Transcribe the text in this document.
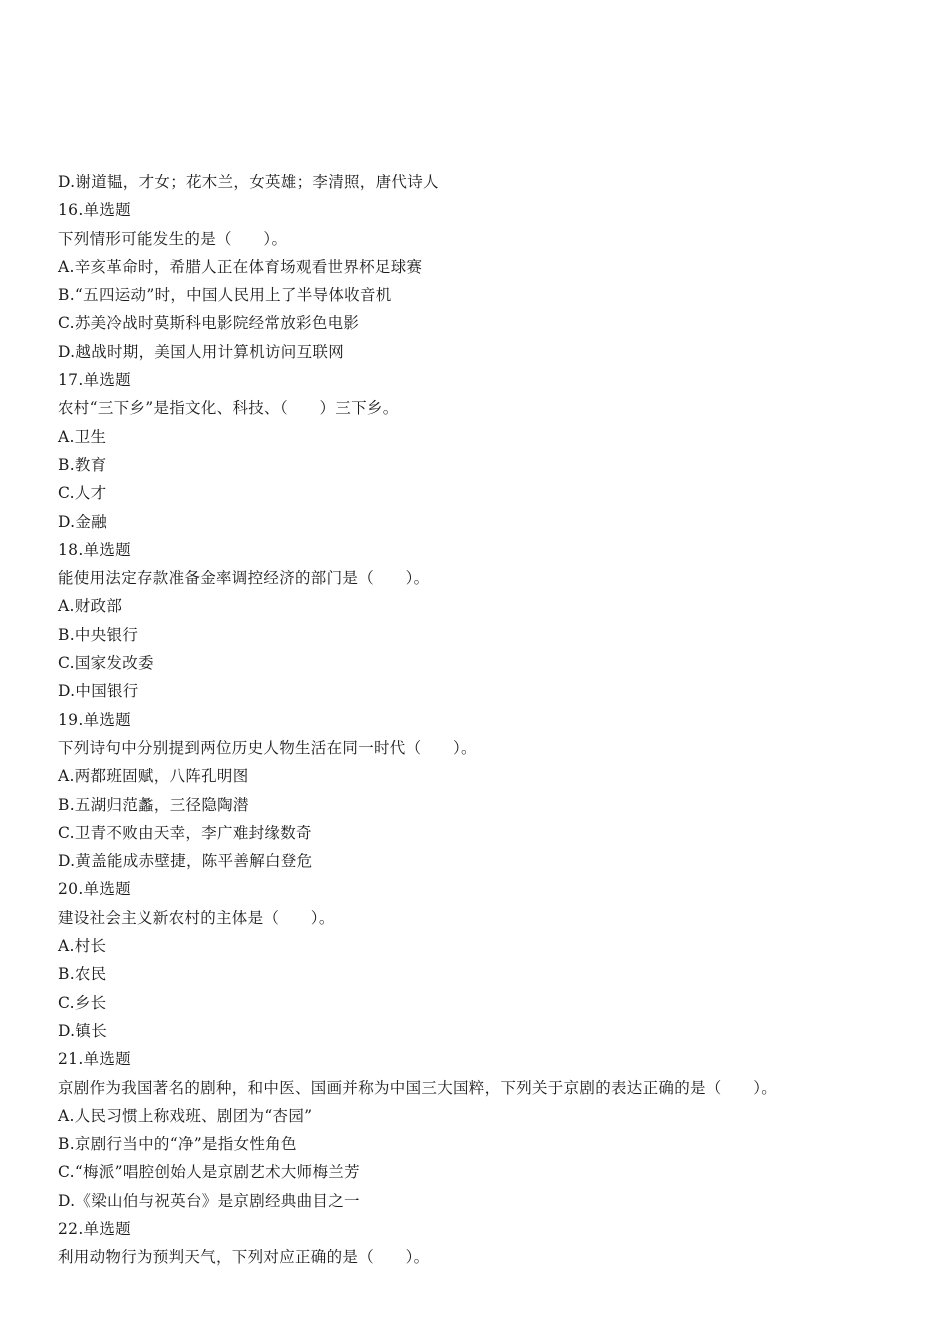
D.谢道韫，才女；花木兰，女英雄；李清照，唐代诗人
16.单选题
下列情形可能发生的是（　　）。
A.辛亥革命时，希腊人正在体育场观看世界杯足球赛
B.“五四运动”时，中国人民用上了半导体收音机
C.苏美冷战时莫斯科电影院经常放彩色电影
D.越战时期，美国人用计算机访问互联网
17.单选题
农村“三下乡”是指文化、科技、（　　）三下乡。
A.卫生
B.教育
C.人才
D.金融
18.单选题
能使用法定存款准备金率调控经济的部门是（　　）。
A.财政部
B.中央银行
C.国家发改委
D.中国银行
19.单选题
下列诗句中分别提到两位历史人物生活在同一时代（　　）。
A.两都班固赋，八阵孔明图
B.五湖归范蠡，三径隐陶潜
C.卫青不败由天幸，李广难封缘数奇
D.黄盖能成赤壁捷，陈平善解白登危
20.单选题
建设社会主义新农村的主体是（　　）。
A.村长
B.农民
C.乡长
D.镇长
21.单选题
京剧作为我国著名的剧种，和中医、国画并称为中国三大国粹，下列关于京剧的表达正确的是（　　）。
A.人民习惯上称戏班、剧团为“杏园”
B.京剧行当中的“净”是指女性角色
C.“梅派”唱腔创始人是京剧艺术大师梅兰芳
D.《梁山伯与祝英台》是京剧经典曲目之一
22.单选题
利用动物行为预判天气，下列对应正确的是（　　）。
